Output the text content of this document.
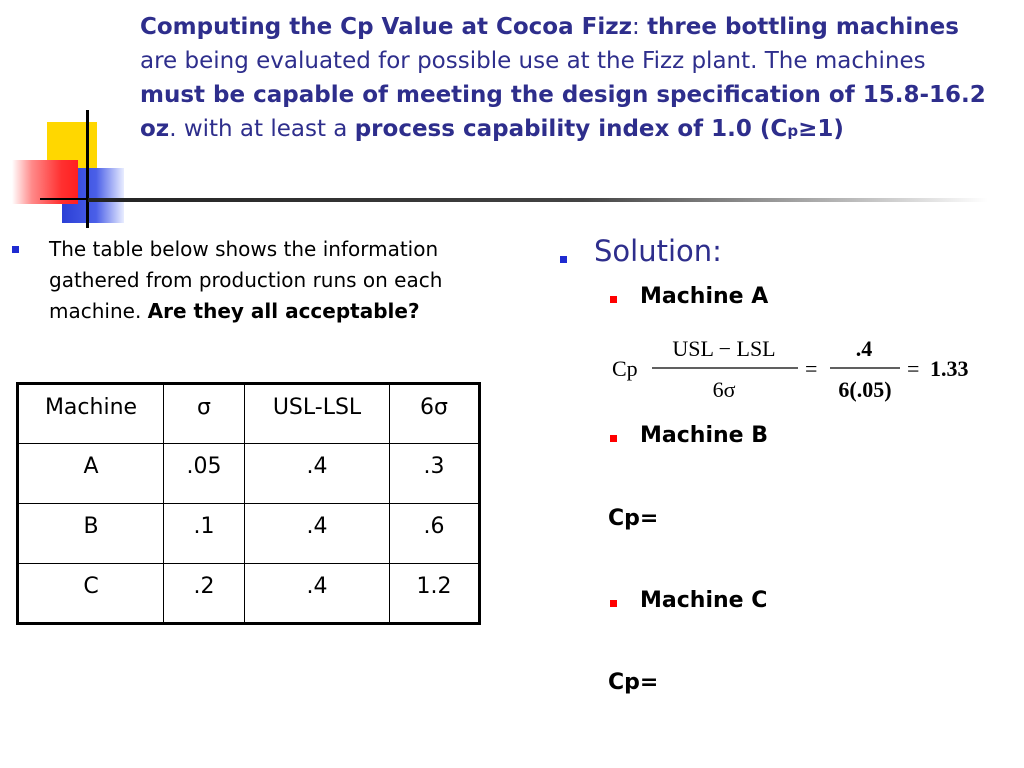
Computing the Cp Value at Cocoa Fizz: three bottling machines are being evaluated for possible use at the Fizz plant. The machines must be capable of meeting the design specification of 15.8-16.2 oz. with at least a process capability index of 1.0 (Cp≥1)
The table below shows the information gathered from production runs on each machine. Are they all acceptable?
Machine	σ	USL-LSL	6σ
A	.05	.4	.3
B	.1	.4	.6
C	.2	.4	1.2
Solution:
Machine A
Cp
USL − LSL
6σ
=
.4
6(.05)
= 1.33
Machine B
Cp=
Machine C
Cp=
